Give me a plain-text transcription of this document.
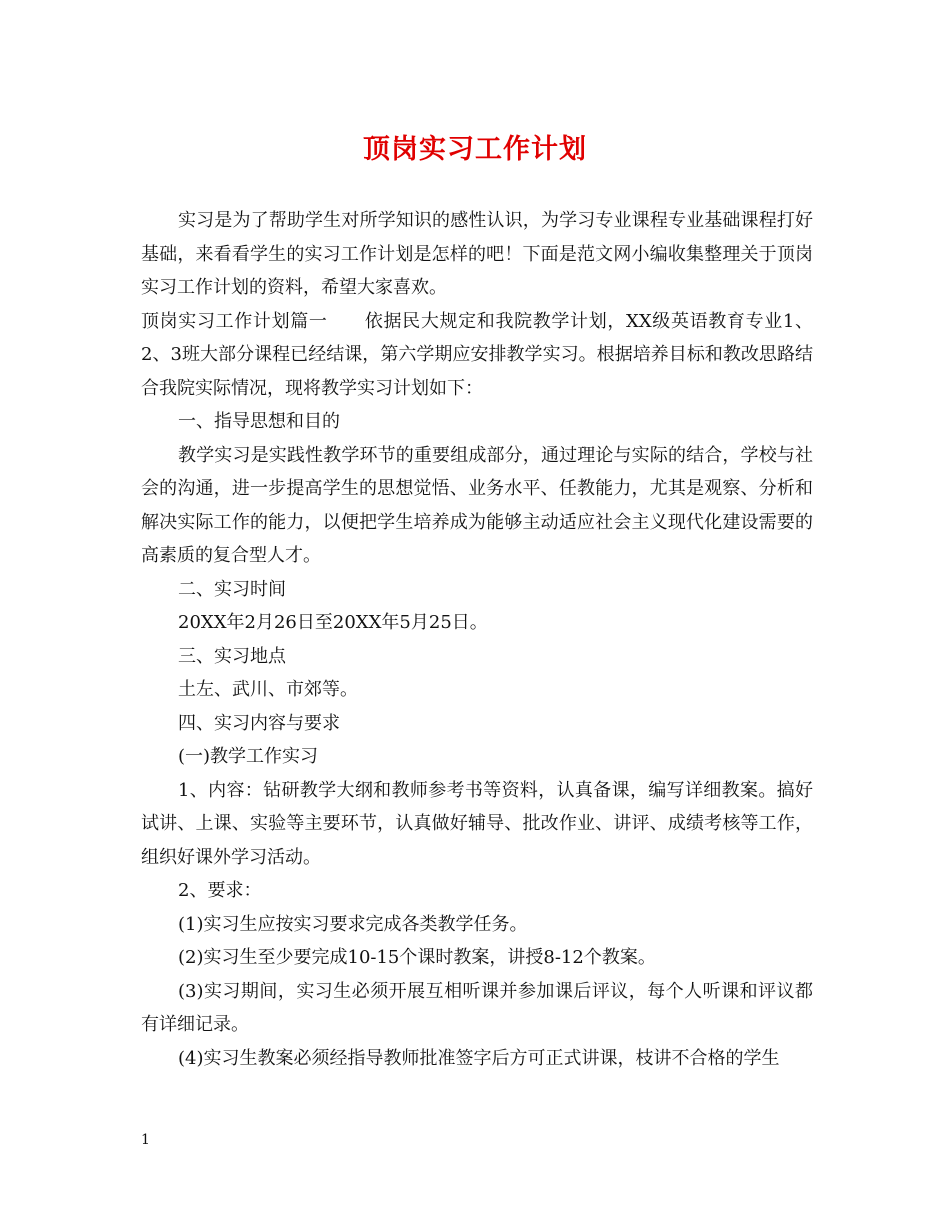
顶岗实习工作计划

实习是为了帮助学生对所学知识的感性认识，为学习专业课程专业基础课程打好基础，来看看学生的实习工作计划是怎样的吧！下面是范文网小编收集整理关于顶岗实习工作计划的资料，希望大家喜欢。

顶岗实习工作计划篇一　　依据民大规定和我院教学计划，XX级英语教育专业1、2、3班大部分课程已经结课，第六学期应安排教学实习。根据培养目标和教改思路结合我院实际情况，现将教学实习计划如下：

一、指导思想和目的

教学实习是实践性教学环节的重要组成部分，通过理论与实际的结合，学校与社会的沟通，进一步提高学生的思想觉悟、业务水平、任教能力，尤其是观察、分析和解决实际工作的能力，以便把学生培养成为能够主动适应社会主义现代化建设需要的高素质的复合型人才。

二、实习时间

20XX年2月26日至20XX年5月25日。

三、实习地点

土左、武川、市郊等。

四、实习内容与要求

(一)教学工作实习

1、内容：钻研教学大纲和教师参考书等资料，认真备课，编写详细教案。搞好试讲、上课、实验等主要环节，认真做好辅导、批改作业、讲评、成绩考核等工作，组织好课外学习活动。

2、要求：

(1)实习生应按实习要求完成各类教学任务。

(2)实习生至少要完成10-15个课时教案，讲授8-12个教案。

(3)实习期间，实习生必须开展互相听课并参加课后评议，每个人听课和评议都有详细记录。

(4)实习生教案必须经指导教师批准签字后方可正式讲课，枝讲不合格的学生

1
